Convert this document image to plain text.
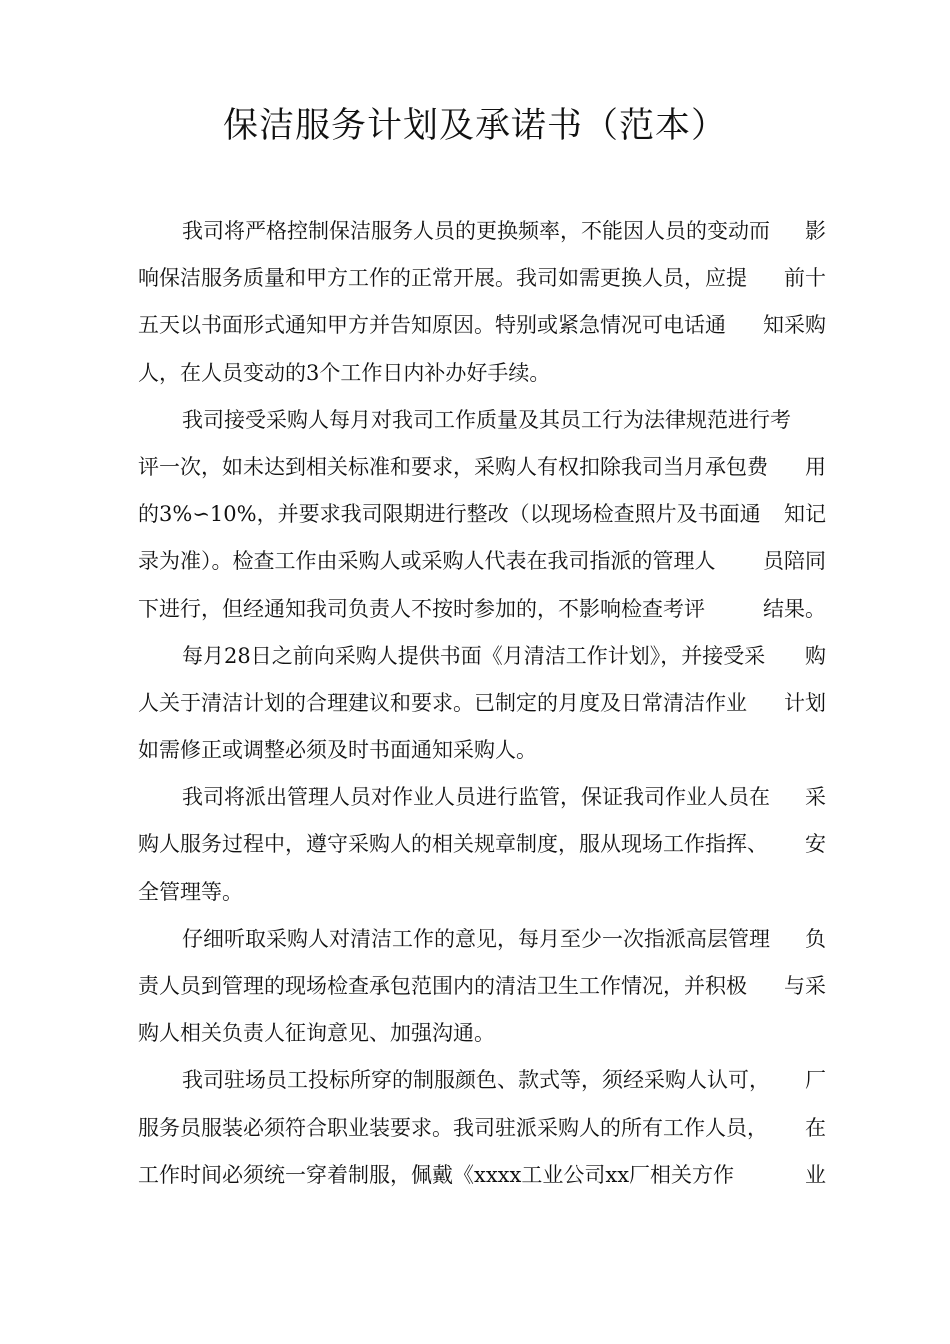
保洁服务计划及承诺书（范本）
我司将严格控制保洁服务人员的更换频率，不能因人员的变动而 影
响保洁服务质量和甲方工作的正常开展。我司如需更换人员，应提 前十
五天以书面形式通知甲方并告知原因。特别或紧急情况可电话通 知采购
人，在人员变动的3个工作日内补办好手续。
我司接受采购人每月对我司工作质量及其员工行为法律规范进行考
评一次，如未达到相关标准和要求，采购人有权扣除我司当月承包费 用
的3%∽10%，并要求我司限期进行整改（以现场检查照片及书面通 知记
录为准）。检查工作由采购人或采购人代表在我司指派的管理人 员陪同
下进行，但经通知我司负责人不按时参加的，不影响检查考评	结果。
每月28日之前向采购人提供书面《月清洁工作计划》，并接受采 购
人关于清洁计划的合理建议和要求。已制定的月度及日常清洁作业 计划
如需修正或调整必须及时书面通知采购人。
我司将派出管理人员对作业人员进行监管，保证我司作业人员在 采
购人服务过程中，遵守采购人的相关规章制度，服从现场工作指挥、 安
全管理等。
仔细听取采购人对清洁工作的意见，每月至少一次指派高层管理 负
责人员到管理的现场检查承包范围内的清洁卫生工作情况，并积极 与采
购人相关负责人征询意见、加强沟通。
我司驻场员工投标所穿的制服颜色、款式等，须经采购人认可， 厂
服务员服装必须符合职业装要求。我司驻派采购人的所有工作人员， 在
工作时间必须统一穿着制服，佩戴《xxxx工业公司xx厂相关方作	业
